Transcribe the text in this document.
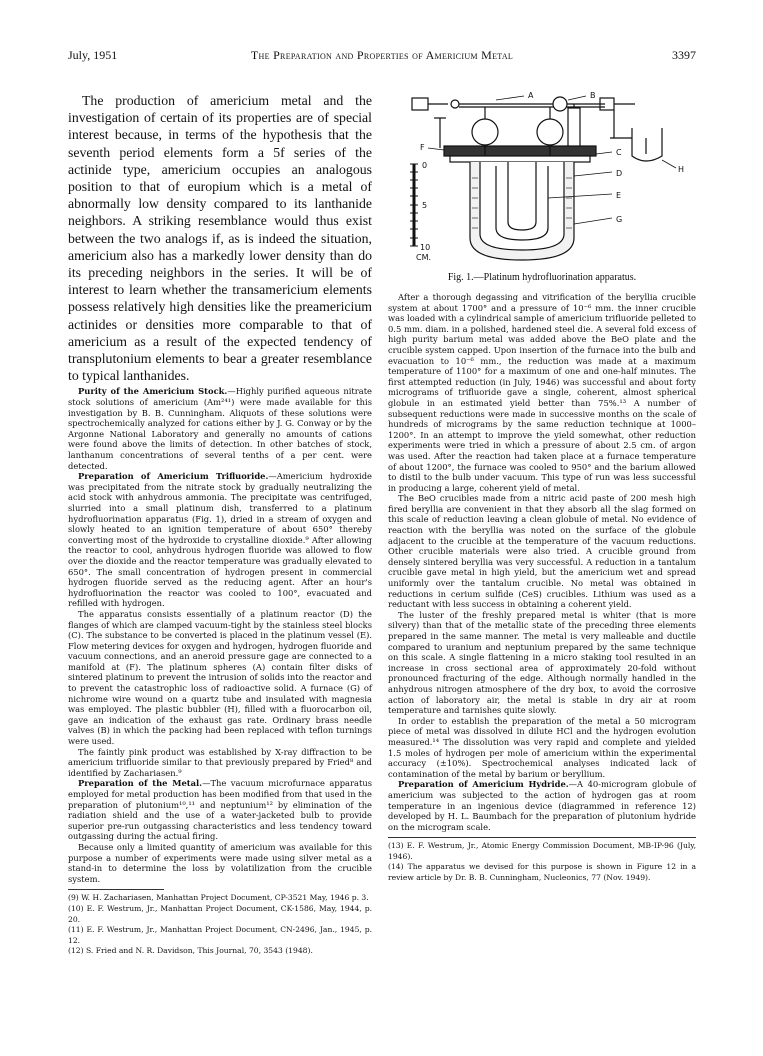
July, 1951	The Preparation and Properties of Americium Metal	3397

The production of americium metal and the investigation of certain of its properties are of special interest because, in terms of the hypothesis that the seventh period elements form a 5f series of the actinide type, americium occupies an analogous position to that of europium which is a metal of abnormally low density compared to its lanthanide neighbors. A striking resemblance would thus exist between the two analogs if, as is indeed the situation, americium also has a markedly lower density than do its preceding neighbors in the series. It will be of interest to learn whether the transamericium elements possess relatively high densities like the preamericium actinides or densities more comparable to that of americium as a result of the expected tendency of transplutonium elements to bear a greater resemblance to typical lanthanides.

Purity of the Americium Stock.—Highly purified aqueous nitrate stock solutions of americium (Am²⁴¹) were made available for this investigation by B. B. Cunningham. Aliquots of these solutions were spectrochemically analyzed for cations either by J. G. Conway or by the Argonne National Laboratory and generally no amounts of cations were found above the limits of detection. In other batches of stock, lanthanum concentrations of several tenths of a per cent. were detected.

Preparation of Americium Trifluoride.—Americium hydroxide was precipitated from the nitrate stock by gradually neutralizing the acid stock with anhydrous ammonia. The precipitate was centrifuged, slurried into a small platinum dish, transferred to a platinum hydrofluorination apparatus (Fig. 1), dried in a stream of oxygen and slowly heated to an ignition temperature of about 650° thereby converting most of the hydroxide to crystalline dioxide.⁹ After allowing the reactor to cool, anhydrous hydrogen fluoride was allowed to flow over the dioxide and the reactor temperature was gradually elevated to 650°. The small concentration of hydrogen present in commercial hydrogen fluoride served as the reducing agent. After an hour's hydrofluorination the reactor was cooled to 100°, evacuated and refilled with hydrogen.

The apparatus consists essentially of a platinum reactor (D) the flanges of which are clamped vacuum-tight by the stainless steel blocks (C). The substance to be converted is placed in the platinum vessel (E). Flow metering devices for oxygen and hydrogen, hydrogen fluoride and vacuum connections, and an aneroid pressure gage are connected to a manifold at (F). The platinum spheres (A) contain filter disks of sintered platinum to prevent the intrusion of solids into the reactor and to prevent the catastrophic loss of radioactive solid. A furnace (G) of nichrome wire wound on a quartz tube and insulated with magnesia was employed. The plastic bubbler (H), filled with a fluorocarbon oil, gave an indication of the exhaust gas rate. Ordinary brass needle valves (B) in which the packing had been replaced with teflon turnings were used.

The faintly pink product was established by X-ray diffraction to be americium trifluoride similar to that previously prepared by Fried⁸ and identified by Zachariasen.⁹

Preparation of the Metal.—The vacuum microfurnace apparatus employed for metal production has been modified from that used in the preparation of plutonium¹⁰,¹¹ and neptunium¹² by elimination of the radiation shield and the use of a water-jacketed bulb to provide superior pre-run outgassing characteristics and less tendency toward outgassing during the actual firing.

Because only a limited quantity of americium was available for this purpose a number of experiments were made using silver metal as a stand-in to determine the loss by volatilization from the crucible system.

(9) W. H. Zachariasen, Manhattan Project Document, CP-3521 May, 1946 p. 3.

(10) E. F. Westrum, Jr., Manhattan Project Document, CK-1586, May, 1944, p. 20.

(11) E. F. Westrum, Jr., Manhattan Project Document, CN-2496, Jan., 1945, p. 12.

(12) S. Fried and N. R. Davidson, This Journal, 70, 3543 (1948).

A	B
C
D
E
F
G
H
0
5
10
CM.
Fig. 1.—Platinum hydrofluorination apparatus.

After a thorough degassing and vitrification of the beryllia crucible system at about 1700° and a pressure of 10⁻⁶ mm. the inner crucible was loaded with a cylindrical sample of americium trifluoride pelleted to 0.5 mm. diam. in a polished, hardened steel die. A several fold excess of high purity barium metal was added above the BeO plate and the crucible system capped. Upon insertion of the furnace into the bulb and evacuation to 10⁻⁶ mm., the reduction was made at a maximum temperature of 1100° for a maximum of one and one-half minutes. The first attempted reduction (in July, 1946) was successful and about forty micrograms of trifluoride gave a single, coherent, almost spherical globule in an estimated yield better than 75%.¹³ A number of subsequent reductions were made in successive months on the scale of hundreds of micrograms by the same reduction technique at 1000–1200°. In an attempt to improve the yield somewhat, other reduction experiments were tried in which a pressure of about 2.5 cm. of argon was used. After the reaction had taken place at a furnace temperature of about 1200°, the furnace was cooled to 950° and the barium allowed to distil to the bulb under vacuum. This type of run was less successful in producing a large, coherent yield of metal.

The BeO crucibles made from a nitric acid paste of 200 mesh high fired beryllia are convenient in that they absorb all the slag formed on this scale of reduction leaving a clean globule of metal. No evidence of reaction with the beryllia was noted on the surface of the globule adjacent to the crucible at the temperature of the vacuum reductions. Other crucible materials were also tried. A crucible ground from densely sintered beryllia was very successful. A reduction in a tantalum crucible gave metal in high yield, but the americium wet and spread uniformly over the tantalum crucible. No metal was obtained in reductions in cerium sulfide (CeS) crucibles. Lithium was used as a reductant with less success in obtaining a coherent yield.

The luster of the freshly prepared metal is whiter (that is more silvery) than that of the metallic state of the preceding three elements prepared in the same manner. The metal is very malleable and ductile compared to uranium and neptunium prepared by the same technique on this scale. A single flattening in a micro staking tool resulted in an increase in cross sectional area of approximately 20-fold without pronounced fracturing of the edge. Although normally handled in the anhydrous nitrogen atmosphere of the dry box, to avoid the corrosive action of laboratory air, the metal is stable in dry air at room temperature and tarnishes quite slowly.

In order to establish the preparation of the metal a 50 microgram piece of metal was dissolved in dilute HCl and the hydrogen evolution measured.¹⁴ The dissolution was very rapid and complete and yielded 1.5 moles of hydrogen per mole of americium within the experimental accuracy (±10%). Spectrochemical analyses indicated lack of contamination of the metal by barium or beryllium.

Preparation of Americium Hydride.—A 40-microgram globule of americium was subjected to the action of hydrogen gas at room temperature in an ingenious device (diagrammed in reference 12) developed by H. L. Baumbach for the preparation of plutonium hydride on the microgram scale.

(13) E. F. Westrum, Jr., Atomic Energy Commission Document, MB-IP-96 (July, 1946).

(14) The apparatus we devised for this purpose is shown in Figure 12 in a review article by Dr. B. B. Cunningham, Nucleonics, 77 (Nov. 1949).
